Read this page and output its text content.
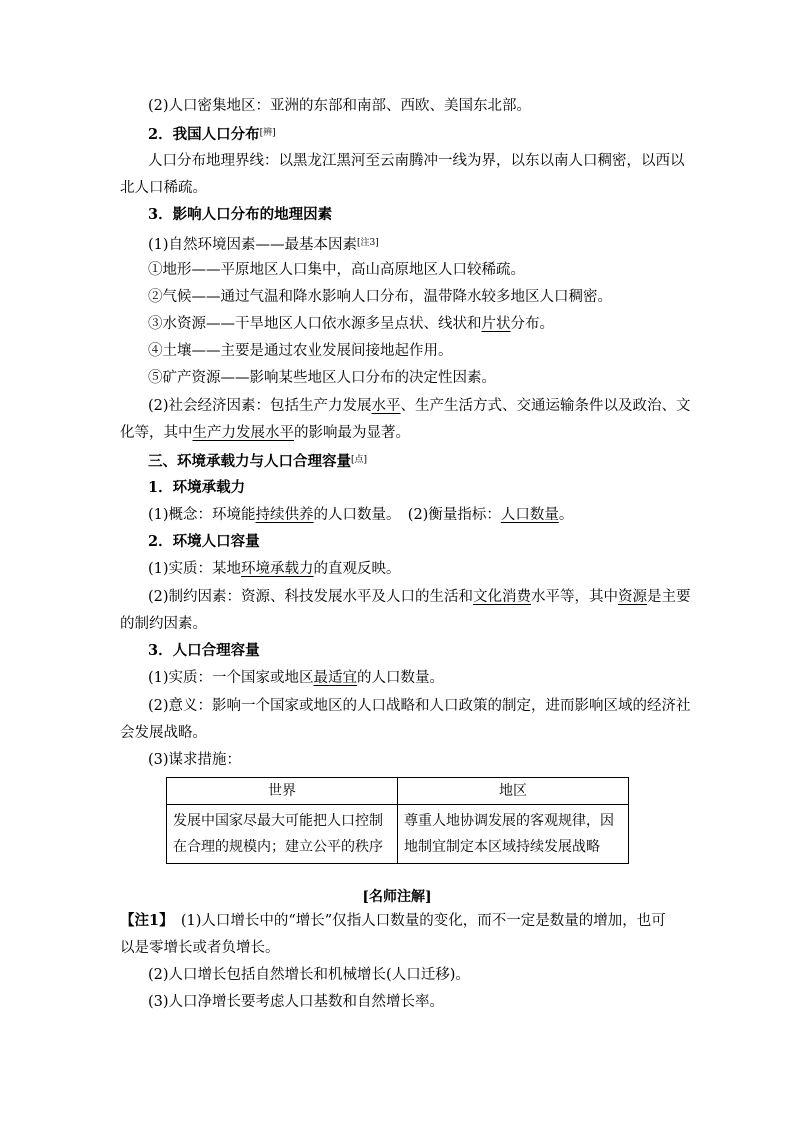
(2)人口密集地区：亚洲的东部和南部、西欧、美国东北部。
2．我国人口分布[辨]
人口分布地理界线：以黑龙江黑河至云南腾冲一线为界，以东以南人口稠密，以西以
北人口稀疏。
3．影响人口分布的地理因素
(1)自然环境因素——最基本因素[注3]
①地形——平原地区人口集中，高山高原地区人口较稀疏。
②气候——通过气温和降水影响人口分布，温带降水较多地区人口稠密。
③水资源——干旱地区人口依水源多呈点状、线状和片状分布。
④土壤——主要是通过农业发展间接地起作用。
⑤矿产资源——影响某些地区人口分布的决定性因素。
(2)社会经济因素：包括生产力发展水平、生产生活方式、交通运输条件以及政治、文
化等，其中生产力发展水平的影响最为显著。
三、环境承载力与人口合理容量[点]
1．环境承载力
(1)概念：环境能持续供养的人口数量。　(2)衡量指标：人口数量。
2．环境人口容量
(1)实质：某地环境承载力的直观反映。
(2)制约因素：资源、科技发展水平及人口的生活和文化消费水平等，其中资源是主要
的制约因素。
3．人口合理容量
(1)实质：一个国家或地区最适宜的人口数量。
(2)意义：影响一个国家或地区的人口战略和人口政策的制定，进而影响区域的经济社
会发展战略。
(3)谋求措施：
世界	地区
发展中国家尽最大可能把人口控制在合理的规模内；建立公平的秩序	尊重人地协调发展的客观规律，因地制宜制定本区域持续发展战略
[名师注解]
【注1】　(1)人口增长中的“增长”仅指人口数量的变化，而不一定是数量的增加，也可
以是零增长或者负增长。
(2)人口增长包括自然增长和机械增长(人口迁移)。
(3)人口净增长要考虑人口基数和自然增长率。
